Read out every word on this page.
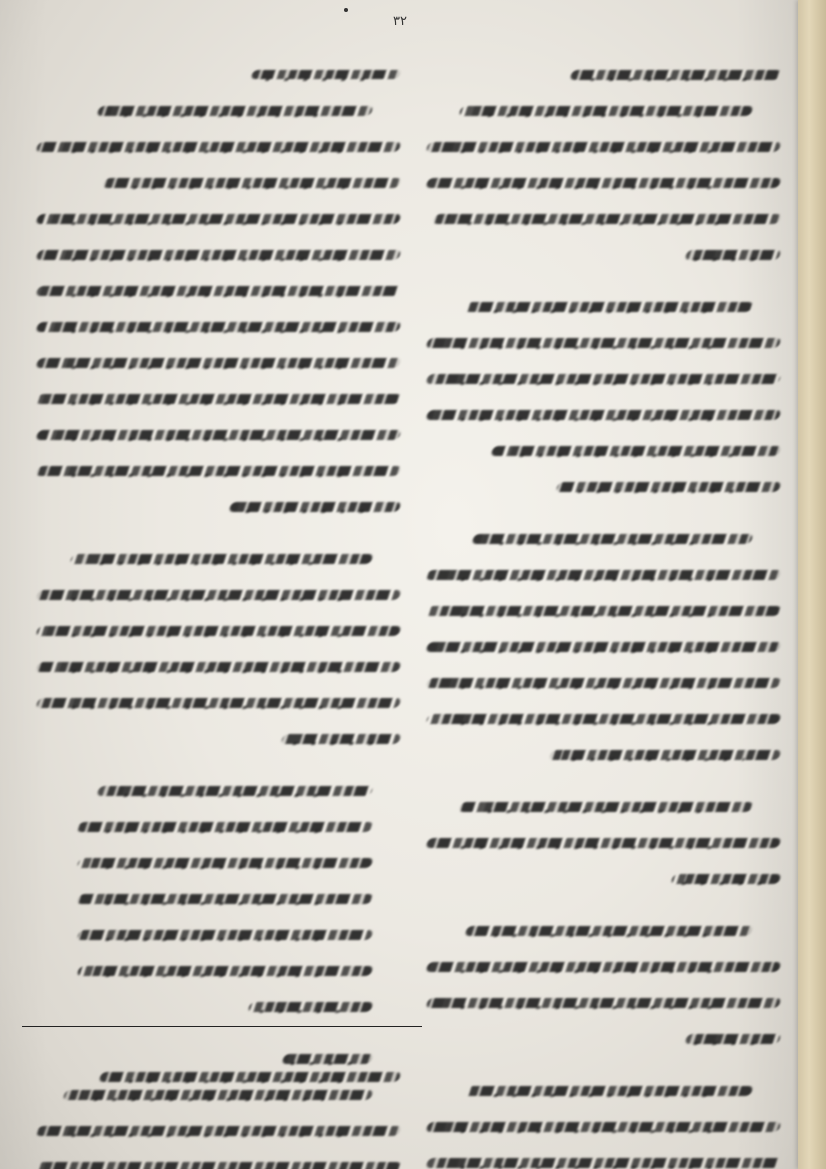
۳۲
